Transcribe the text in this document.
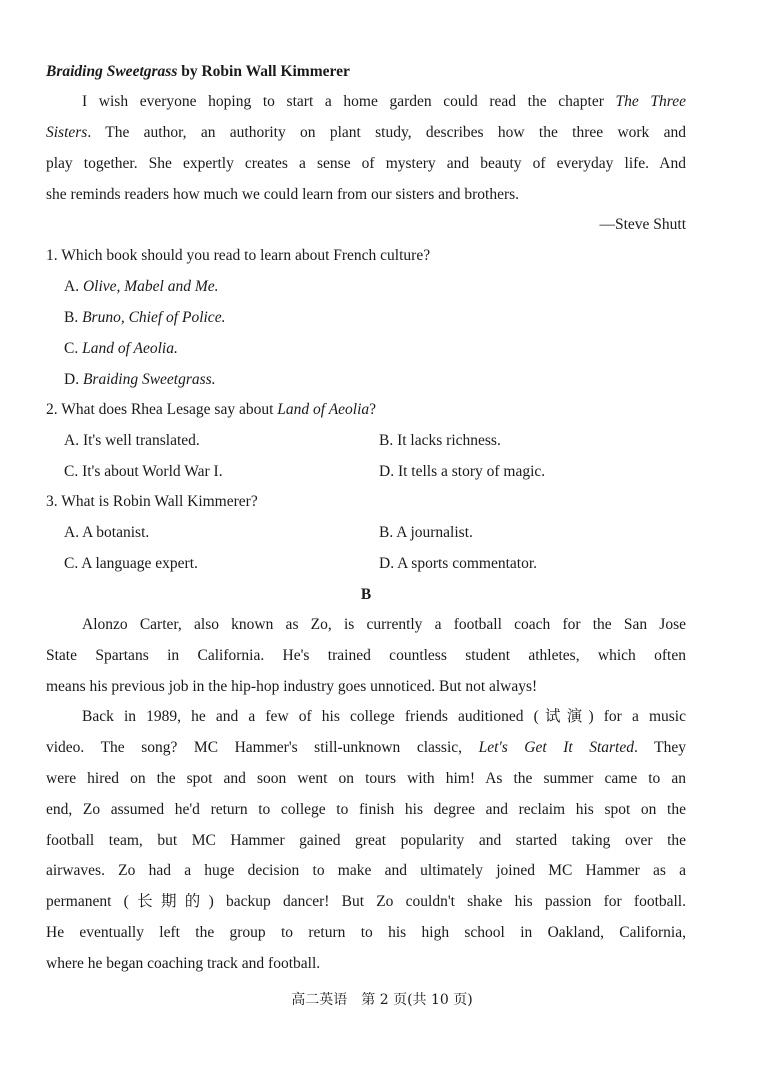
Braiding Sweetgrass by Robin Wall Kimmerer
I wish everyone hoping to start a home garden could read the chapter The Three
Sisters. The author, an authority on plant study, describes how the three work and
play together. She expertly creates a sense of mystery and beauty of everyday life. And
she reminds readers how much we could learn from our sisters and brothers.
—Steve Shutt
1. Which book should you read to learn about French culture?
A. Olive, Mabel and Me.
B. Bruno, Chief of Police.
C. Land of Aeolia.
D. Braiding Sweetgrass.
2. What does Rhea Lesage say about Land of Aeolia?
A. It's well translated.	B. It lacks richness.
C. It's about World War I.	D. It tells a story of magic.
3. What is Robin Wall Kimmerer?
A. A botanist.	B. A journalist.
C. A language expert.	D. A sports commentator.
B
Alonzo Carter, also known as Zo, is currently a football coach for the San Jose
State Spartans in California. He's trained countless student athletes, which often
means his previous job in the hip-hop industry goes unnoticed. But not always!
Back in 1989, he and a few of his college friends auditioned (试演) for a music
video. The song? MC Hammer's still-unknown classic, Let's Get It Started. They
were hired on the spot and soon went on tours with him! As the summer came to an
end, Zo assumed he'd return to college to finish his degree and reclaim his spot on the
football team, but MC Hammer gained great popularity and started taking over the
airwaves. Zo had a huge decision to make and ultimately joined MC Hammer as a
permanent (长期的) backup dancer! But Zo couldn't shake his passion for football.
He eventually left the group to return to his high school in Oakland, California,
where he began coaching track and football.
高二英语　第 2 页(共 10 页)
